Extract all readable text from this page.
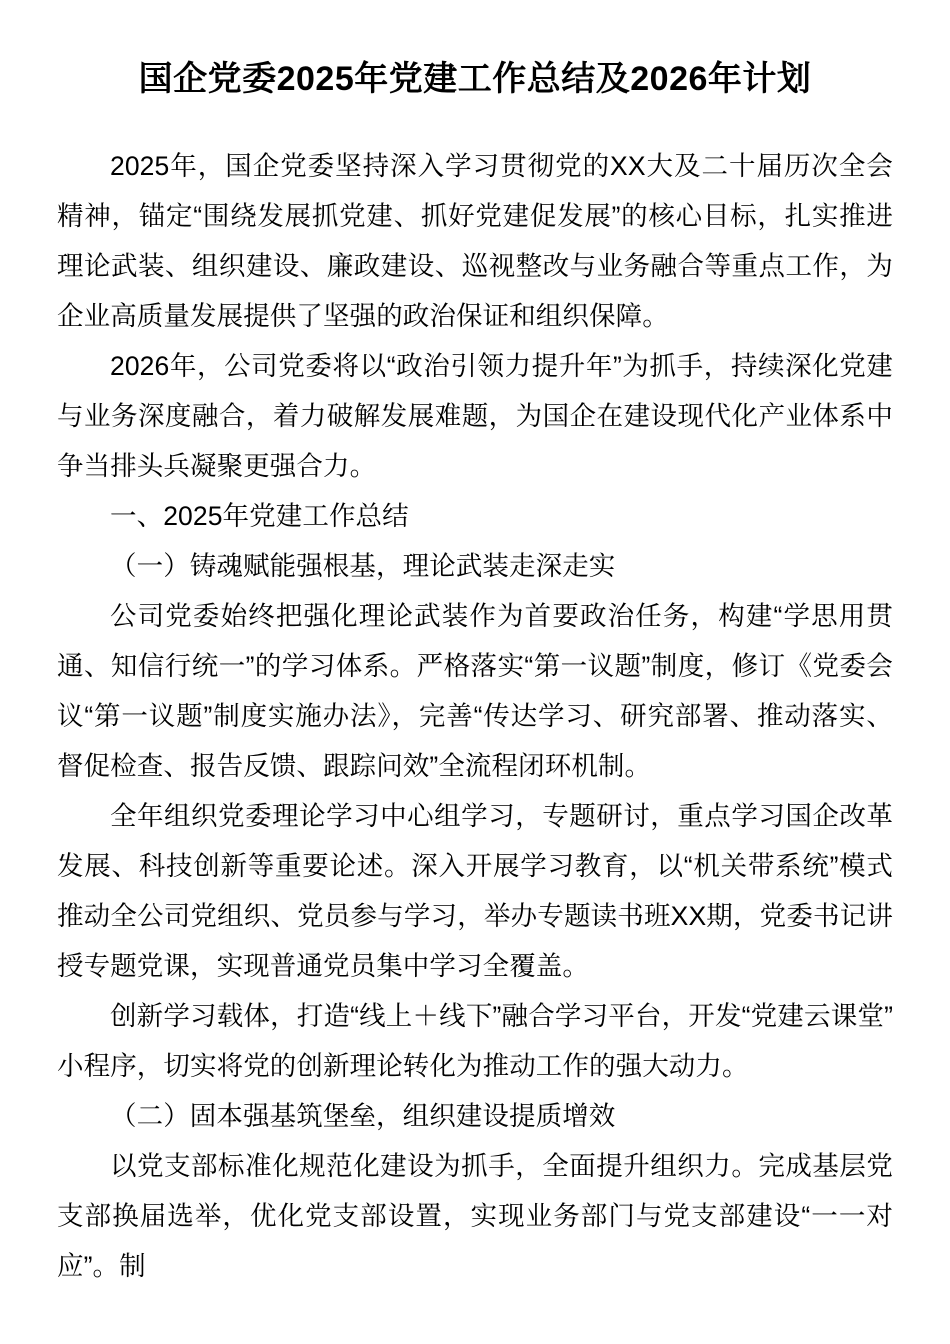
国企党委2025年党建工作总结及2026年计划

2025年，国企党委坚持深入学习贯彻党的XX大及二十届历次全会精神，锚定“围绕发展抓党建、抓好党建促发展”的核心目标，扎实推进理论武装、组织建设、廉政建设、巡视整改与业务融合等重点工作，为企业高质量发展提供了坚强的政治保证和组织保障。

2026年，公司党委将以“政治引领力提升年”为抓手，持续深化党建与业务深度融合，着力破解发展难题，为国企在建设现代化产业体系中争当排头兵凝聚更强合力。

一、2025年党建工作总结

（一）铸魂赋能强根基，理论武装走深走实

公司党委始终把强化理论武装作为首要政治任务，构建“学思用贯通、知信行统一”的学习体系。严格落实“第一议题”制度，修订《党委会议“第一议题”制度实施办法》，完善“传达学习、研究部署、推动落实、督促检查、报告反馈、跟踪问效”全流程闭环机制。

全年组织党委理论学习中心组学习，专题研讨，重点学习国企改革发展、科技创新等重要论述。深入开展学习教育，以“机关带系统”模式推动全公司党组织、党员参与学习，举办专题读书班XX期，党委书记讲授专题党课，实现普通党员集中学习全覆盖。

创新学习载体，打造“线上＋线下”融合学习平台，开发“党建云课堂”小程序，切实将党的创新理论转化为推动工作的强大动力。

（二）固本强基筑堡垒，组织建设提质增效

以党支部标准化规范化建设为抓手，全面提升组织力。完成基层党支部换届选举，优化党支部设置，实现业务部门与党支部建设“一一对应”。制
